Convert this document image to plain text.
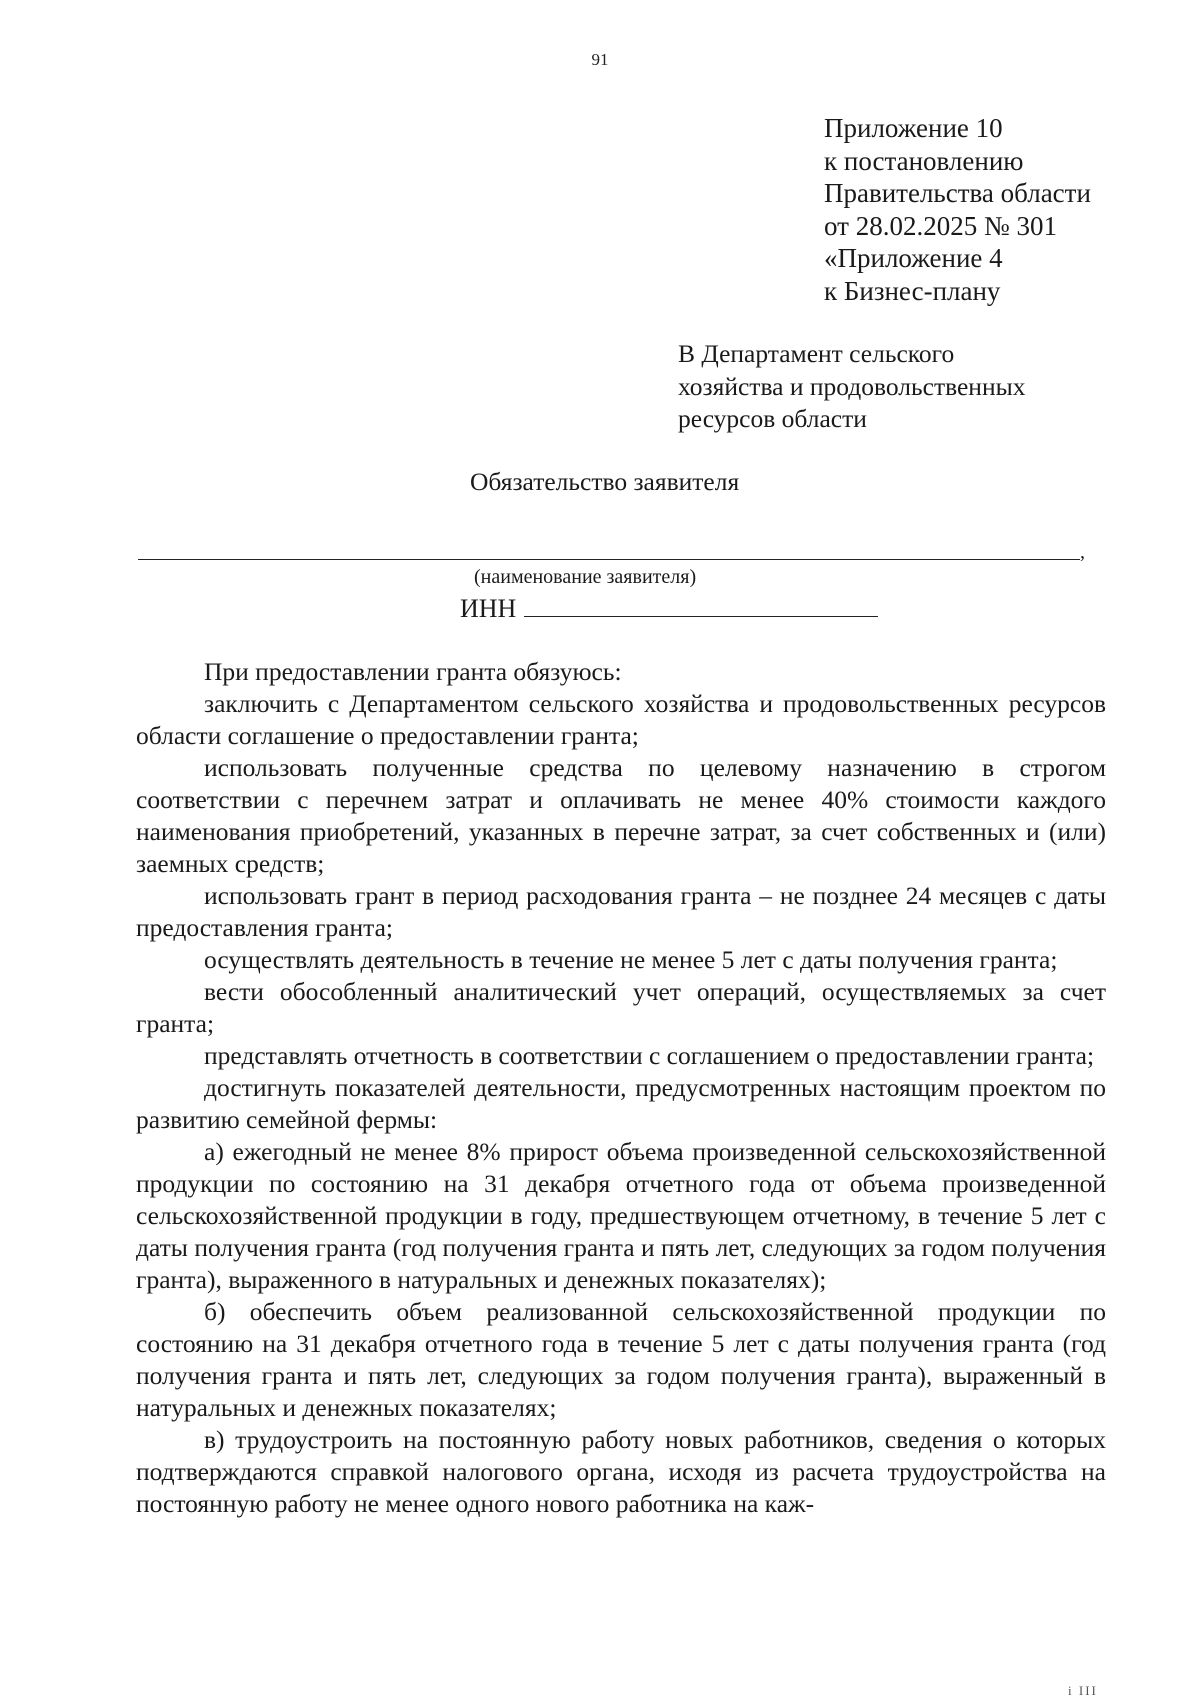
91
Приложение 10
к постановлению
Правительства области
от 28.02.2025 № 301
«Приложение 4
к Бизнес-плану
В Департамент сельского
хозяйства и продовольственных
ресурсов области
Обязательство заявителя
,
(наименование заявителя)
ИНН

При предоставлении гранта обязуюсь:

заключить с Департаментом сельского хозяйства и продовольственных ресурсов области соглашение о предоставлении гранта;

использовать полученные средства по целевому назначению в строгом соответствии с перечнем затрат и оплачивать не менее 40% стоимости каждого наименования приобретений, указанных в перечне затрат, за счет собственных и (или) заемных средств;

использовать грант в период расходования гранта – не позднее 24 месяцев с даты предоставления гранта;

осуществлять деятельность в течение не менее 5 лет с даты получения гранта;

вести обособленный аналитический учет операций, осуществляемых за счет гранта;

представлять отчетность в соответствии с соглашением о предоставлении гранта;

достигнуть показателей деятельности, предусмотренных настоящим проектом по развитию семейной фермы:

а) ежегодный не менее 8% прирост объема произведенной сельскохозяйственной продукции по состоянию на 31 декабря отчетного года от объема произведенной сельскохозяйственной продукции в году, предшествующем отчетному, в течение 5 лет с даты получения гранта (год получения гранта и пять лет, следующих за годом получения гранта), выраженного в натуральных и денежных показателях);

б) обеспечить объем реализованной сельскохозяйственной продукции по состоянию на 31 декабря отчетного года в течение 5 лет с даты получения гранта (год получения гранта и пять лет, следующих за годом получения гранта), выраженный в натуральных и денежных показателях;

в) трудоустроить на постоянную работу новых работников, сведения о которых подтверждаются справкой налогового органа, исходя из расчета трудоустройства на постоянную работу не менее одного нового работника на каж-

і ІІІ
